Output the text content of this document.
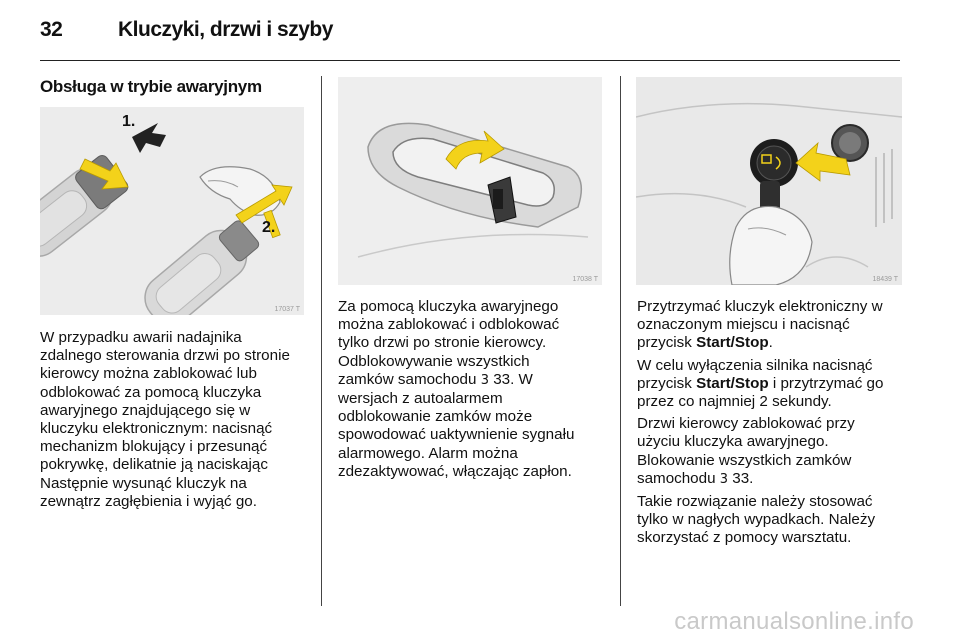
32	Kluczyki, drzwi i szyby
Obsługa w trybie awaryjnym
1.
2.
17037 T
17038 T	18439 T

W przypadku awarii nadajnika
zdalnego sterowania drzwi po stronie
kierowcy można zablokować lub
odblokować za pomocą kluczyka
awaryjnego znajdującego się w
kluczyku elektronicznym: nacisnąć
mechanizm blokujący i przesunąć
pokrywkę, delikatnie ją naciskając
Następnie wysunąć kluczyk na
zewnątrz zagłębienia i wyjąć go.

Za pomocą kluczyka awaryjnego
można zablokować i odblokować
tylko drzwi po stronie kierowcy.
Odblokowywanie wszystkich
zamków samochodu 3 33. W
wersjach z autoalarmem
odblokowanie zamków może
spowodować uaktywnienie sygnału
alarmowego. Alarm można
zdezaktywować, włączając zapłon.

Przytrzymać kluczyk elektroniczny w
oznaczonym miejscu i nacisnąć
przycisk Start/Stop.

W celu wyłączenia silnika nacisnąć
przycisk Start/Stop i przytrzymać go
przez co najmniej 2 sekundy.

Drzwi kierowcy zablokować przy
użyciu kluczyka awaryjnego.
Blokowanie wszystkich zamków
samochodu 3 33.

Takie rozwiązanie należy stosować
tylko w nagłych wypadkach. Należy
skorzystać z pomocy warsztatu.

carmanualsonline.info
